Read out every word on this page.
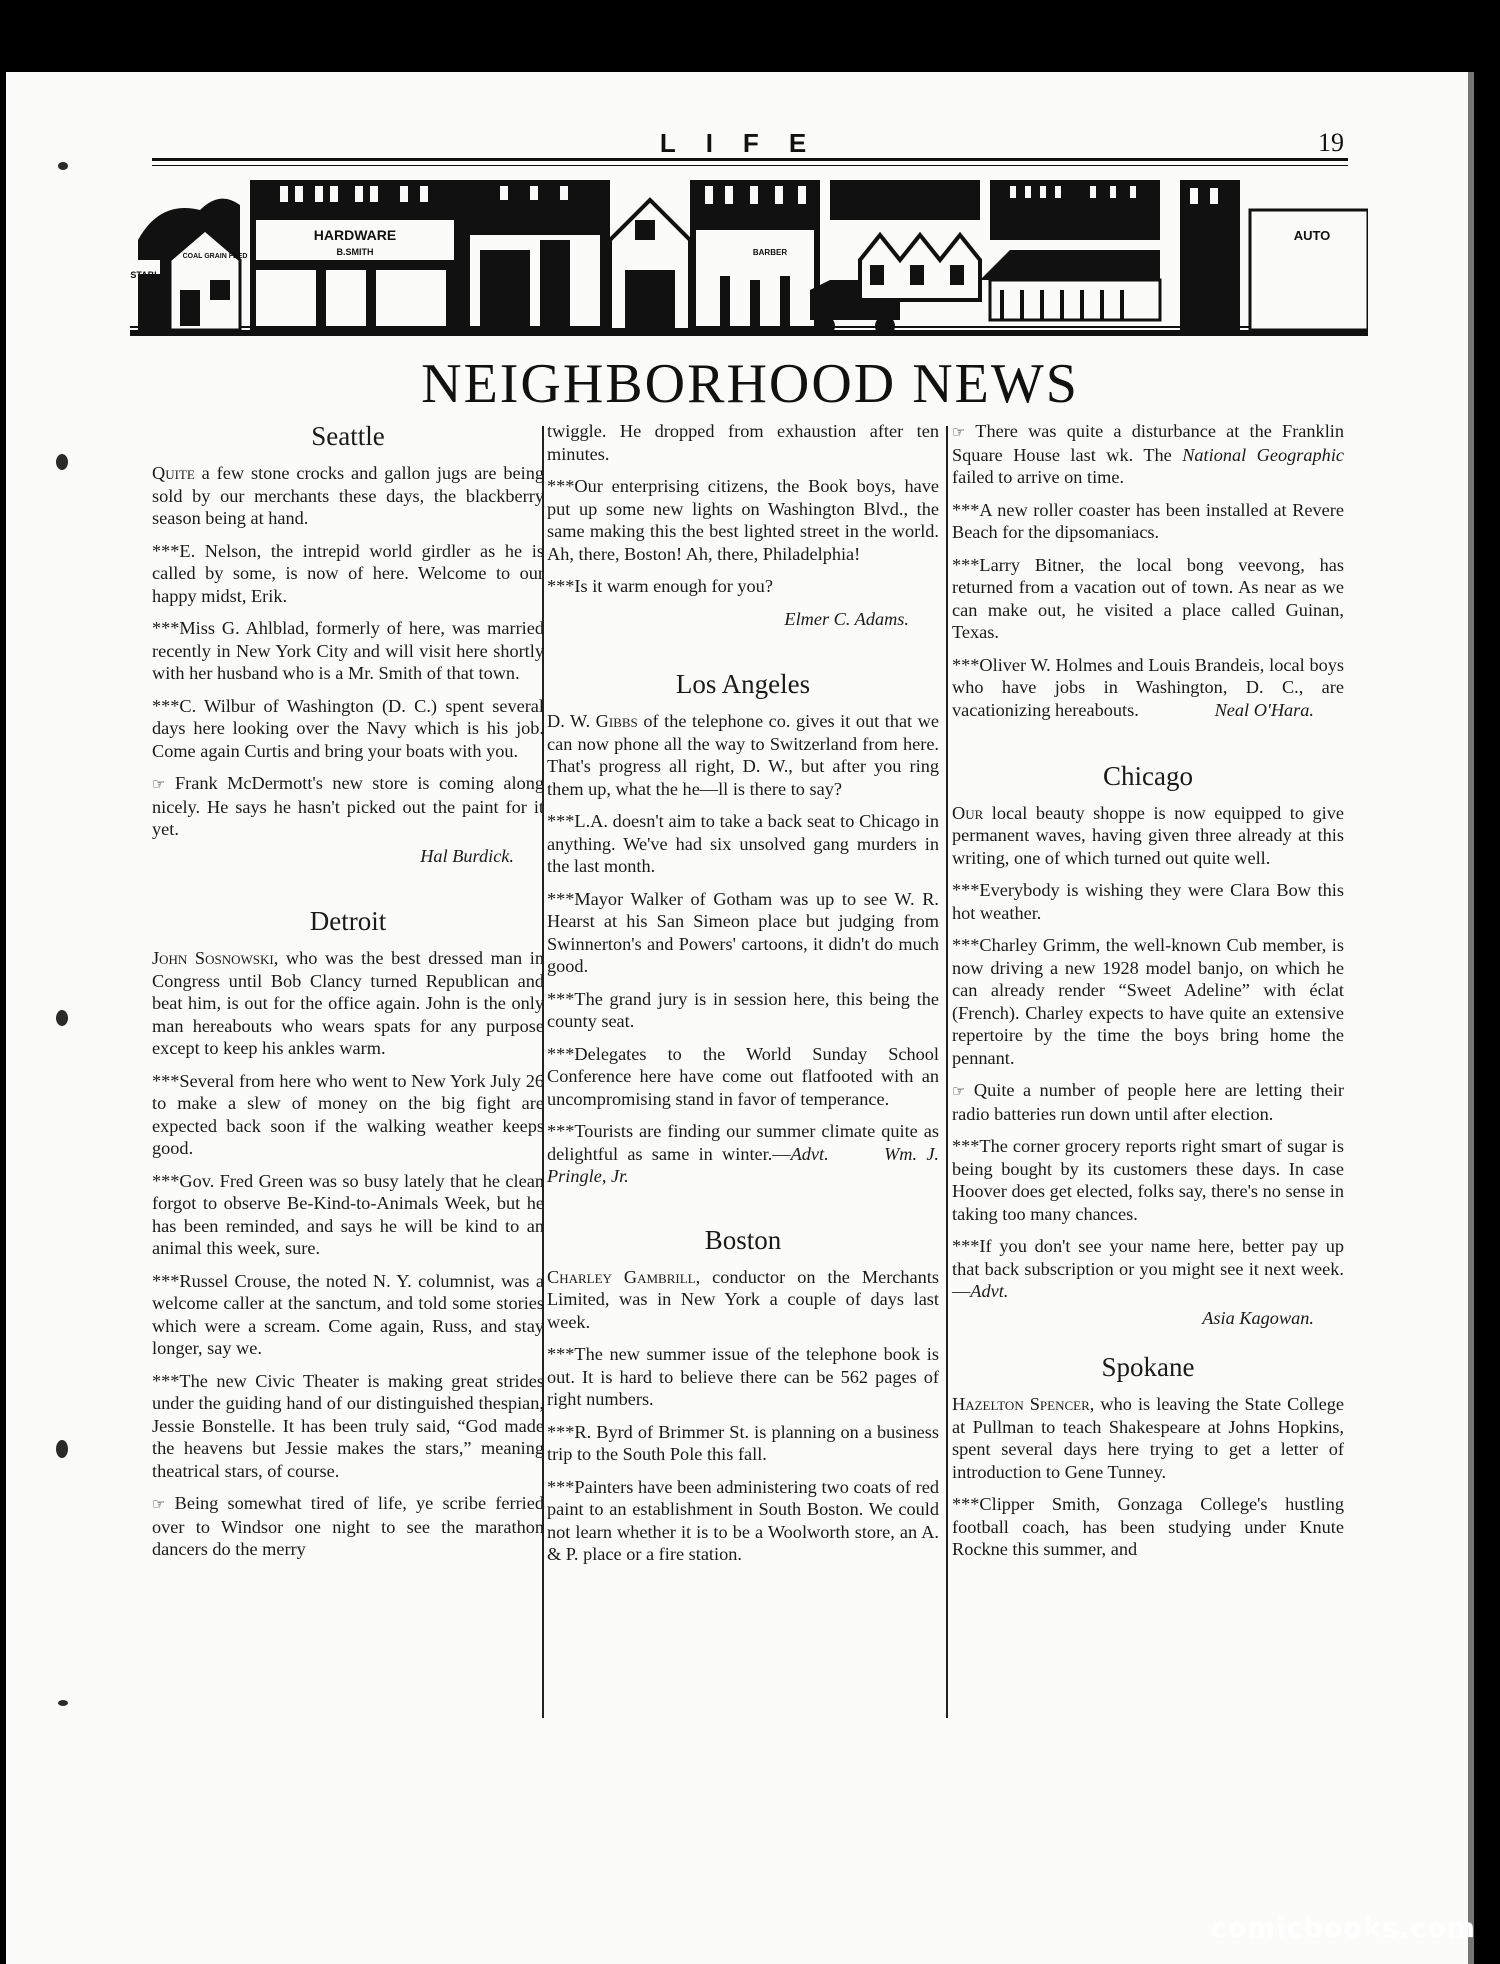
LIFE	19
STABLE
COAL GRAIN FEED
HARDWARE
B.SMITH	BARBER
AUTO
NEIGHBORHOOD NEWS
Seattle

Quite a few stone crocks and gallon jugs are being sold by our merchants these days, the blackberry season being at hand.

***E. Nelson, the intrepid world girdler as he is called by some, is now of here. Welcome to our happy midst, Erik.

***Miss G. Ahlblad, formerly of here, was married recently in New York City and will visit here shortly with her husband who is a Mr. Smith of that town.

***C. Wilbur of Washington (D. C.) spent several days here looking over the Navy which is his job. Come again Curtis and bring your boats with you.

☞ Frank McDermott's new store is coming along nicely. He says he hasn't picked out the paint for it yet.

Hal Burdick.
Detroit

John Sosnowski, who was the best dressed man in Congress until Bob Clancy turned Republican and beat him, is out for the office again. John is the only man hereabouts who wears spats for any purpose except to keep his ankles warm.

***Several from here who went to New York July 26 to make a slew of money on the big fight are expected back soon if the walking weather keeps good.

***Gov. Fred Green was so busy lately that he clean forgot to observe Be-Kind-to-Animals Week, but he has been reminded, and says he will be kind to an animal this week, sure.

***Russel Crouse, the noted N. Y. columnist, was a welcome caller at the sanctum, and told some stories which were a scream. Come again, Russ, and stay longer, say we.

***The new Civic Theater is making great strides under the guiding hand of our distinguished thespian, Jessie Bonstelle. It has been truly said, “God made the heavens but Jessie makes the stars,” meaning theatrical stars, of course.

☞ Being somewhat tired of life, ye scribe ferried over to Windsor one night to see the marathon dancers do the merry

twiggle. He dropped from exhaustion after ten minutes.

***Our enterprising citizens, the Book boys, have put up some new lights on Washington Blvd., the same making this the best lighted street in the world. Ah, there, Boston! Ah, there, Philadelphia!

***Is it warm enough for you?

Elmer C. Adams.
Los Angeles

D. W. Gibbs of the telephone co. gives it out that we can now phone all the way to Switzerland from here. That's progress all right, D. W., but after you ring them up, what the he—ll is there to say?

***L.A. doesn't aim to take a back seat to Chicago in anything. We've had six unsolved gang murders in the last month.

***Mayor Walker of Gotham was up to see W. R. Hearst at his San Simeon place but judging from Swinnerton's and Powers' cartoons, it didn't do much good.

***The grand jury is in session here, this being the county seat.

***Delegates to the World Sunday School Conference here have come out flatfooted with an uncompromising stand in favor of temperance.

***Tourists are finding our summer climate quite as delightful as same in winter.—Advt.	Wm. J. Pringle, Jr.

Boston

Charley Gambrill, conductor on the Merchants Limited, was in New York a couple of days last week.

***The new summer issue of the telephone book is out. It is hard to believe there can be 562 pages of right numbers.

***R. Byrd of Brimmer St. is planning on a business trip to the South Pole this fall.

***Painters have been administering two coats of red paint to an establishment in South Boston. We could not learn whether it is to be a Woolworth store, an A. & P. place or a fire station.

☞ There was quite a disturbance at the Franklin Square House last wk. The National Geographic failed to arrive on time.

***A new roller coaster has been installed at Revere Beach for the dipsomaniacs.

***Larry Bitner, the local bong veevong, has returned from a vacation out of town. As near as we can make out, he visited a place called Guinan, Texas.

***Oliver W. Holmes and Louis Brandeis, local boys who have jobs in Washington, D. C., are vacationizing hereabouts.	Neal O'Hara.
Chicago

Our local beauty shoppe is now equipped to give permanent waves, having given three already at this writing, one of which turned out quite well.

***Everybody is wishing they were Clara Bow this hot weather.

***Charley Grimm, the well-known Cub member, is now driving a new 1928 model banjo, on which he can already render “Sweet Adeline” with éclat (French). Charley expects to have quite an extensive repertoire by the time the boys bring home the pennant.

☞ Quite a number of people here are letting their radio batteries run down until after election.

***The corner grocery reports right smart of sugar is being bought by its customers these days. In case Hoover does get elected, folks say, there's no sense in taking too many chances.

***If you don't see your name here, better pay up that back subscription or you might see it next week.—Advt.

Asia Kagowan.
Spokane

Hazelton Spencer, who is leaving the State College at Pullman to teach Shakespeare at Johns Hopkins, spent several days here trying to get a letter of introduction to Gene Tunney.

***Clipper Smith, Gonzaga College's hustling football coach, has been studying under Knute Rockne this summer, and

comicbooks.com
